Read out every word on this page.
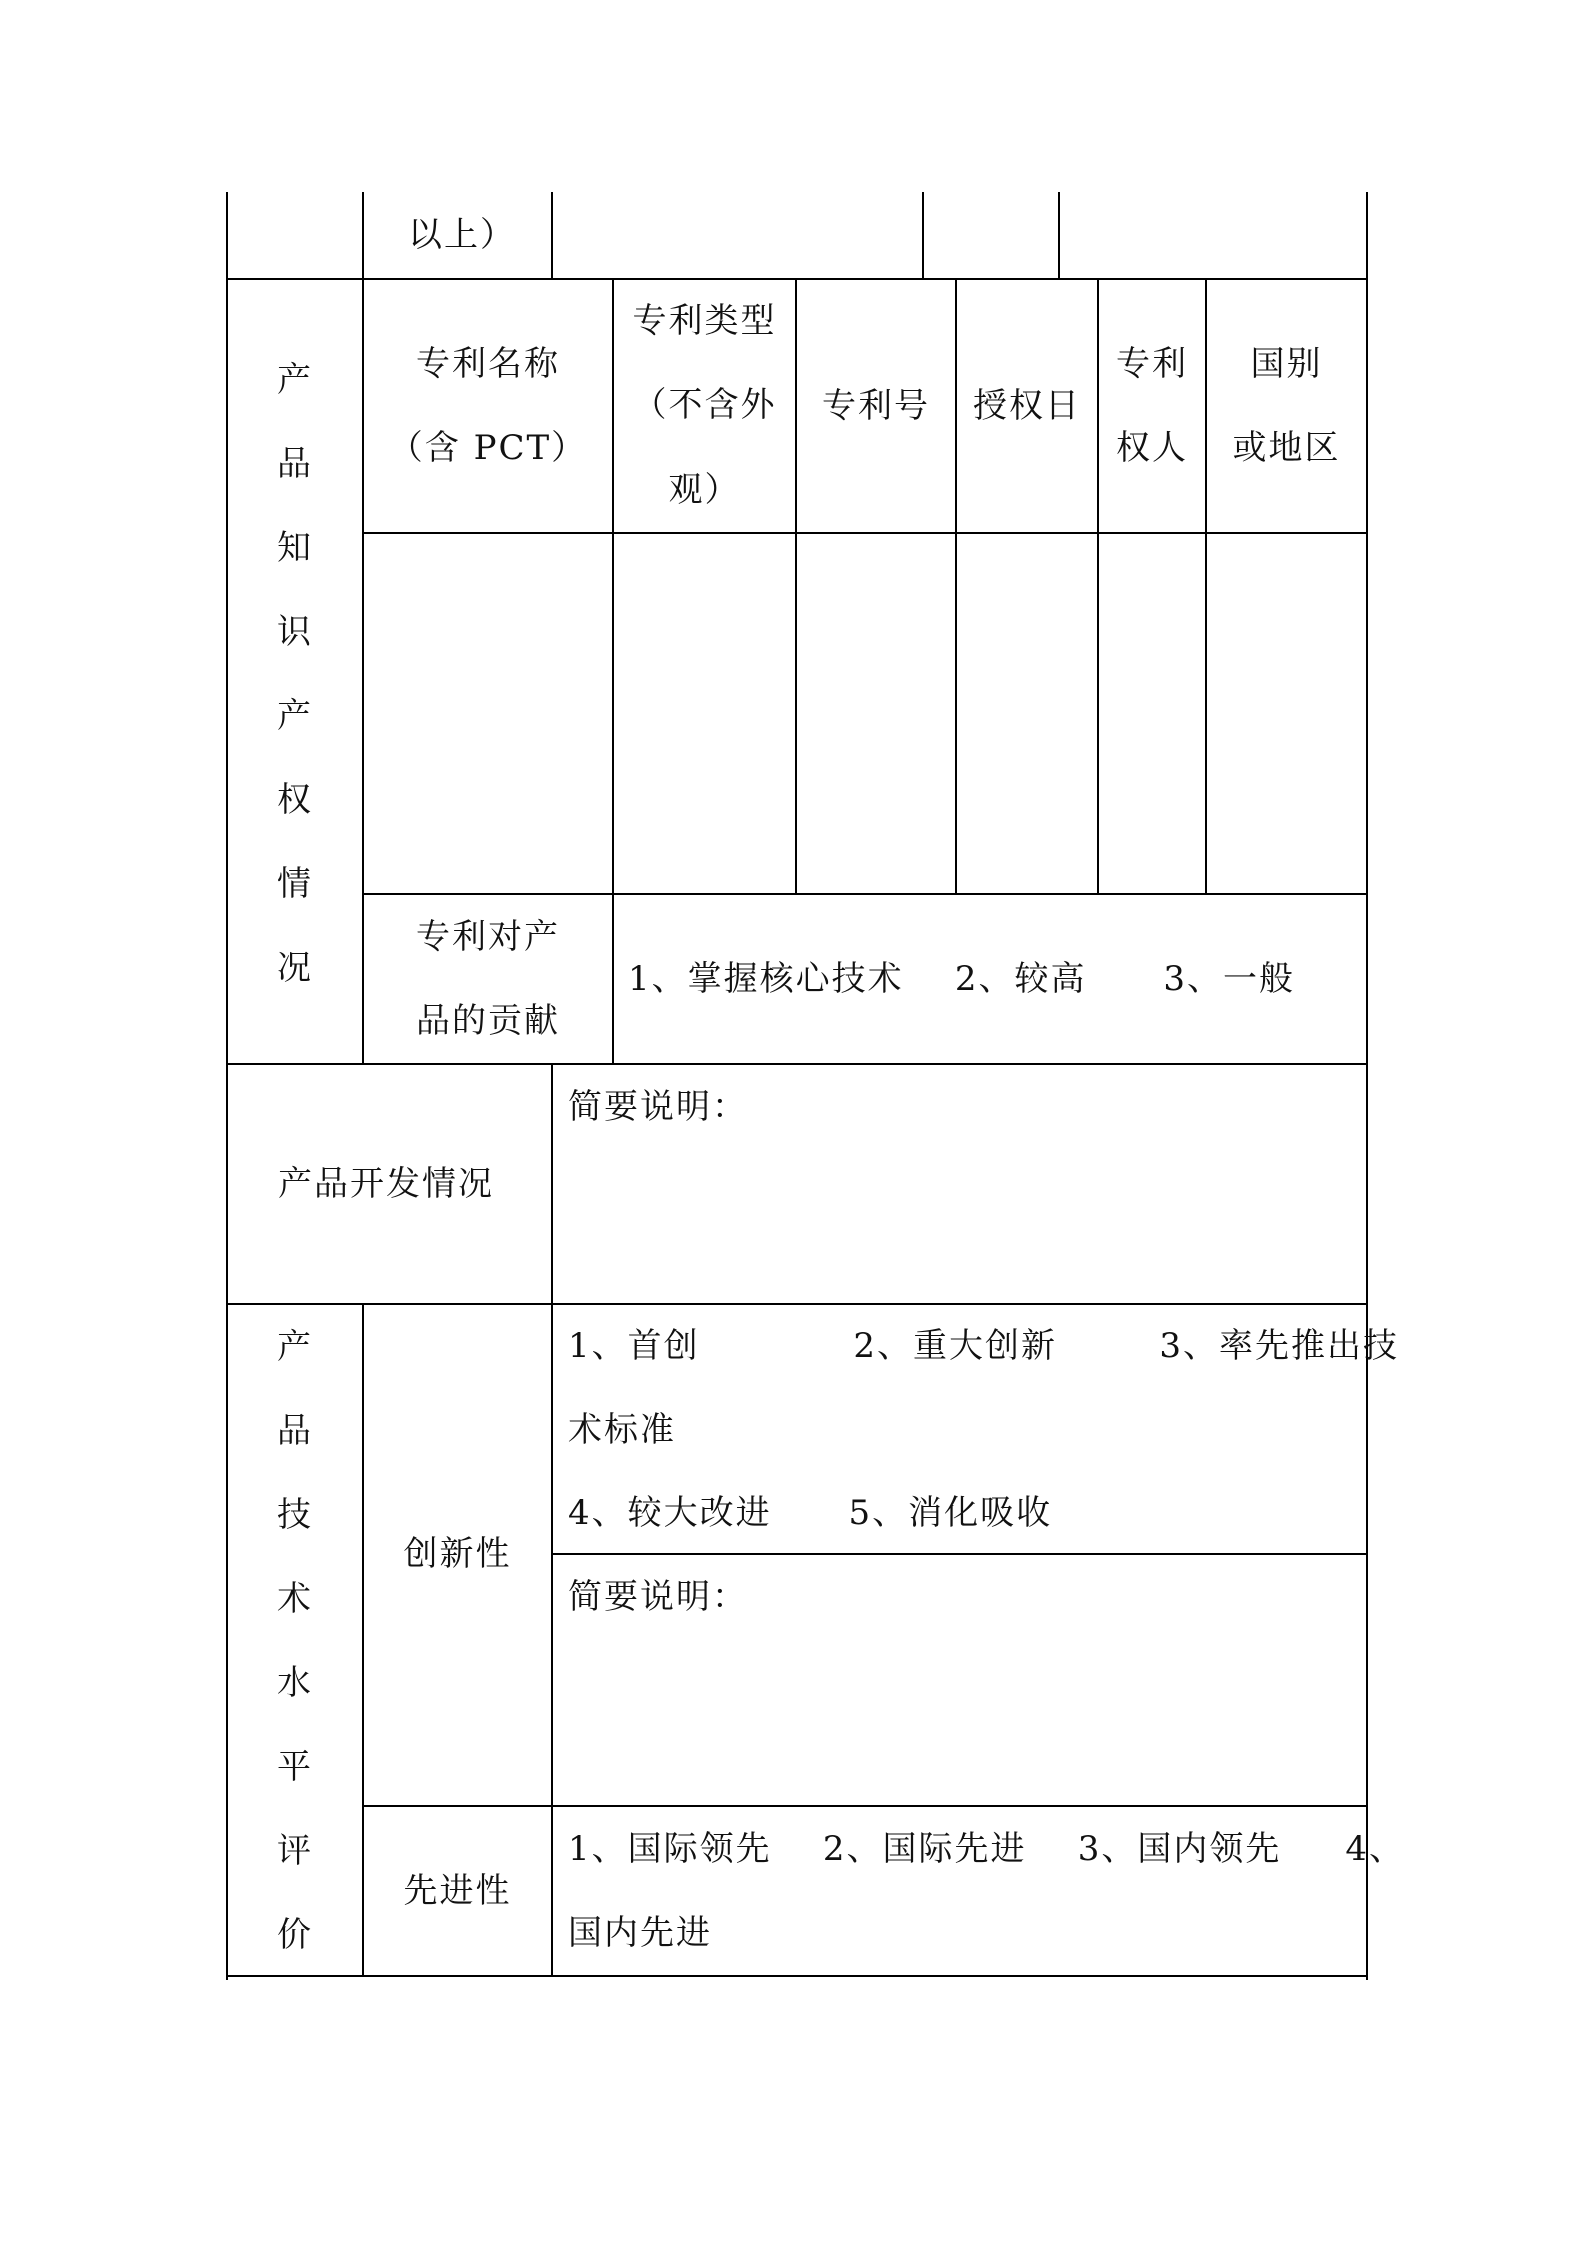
以上）
产
品
知
识
产
权
情
况
专利名称
（含 PCT）
专利类型
（不含外
观）
专利号	授权日
专利
权人
国别
或地区
专利对产
品的贡献
1、掌握核心技术    2、较高      3、一般
产品开发情况
简要说明：
产
品
技
术
水
平
评
价
创新性
1、首创            2、重大创新        3、率先推出技
术标准
4、较大改进      5、消化吸收
简要说明：
先进性
1、国际领先    2、国际先进    3、国内领先     4、
国内先进
